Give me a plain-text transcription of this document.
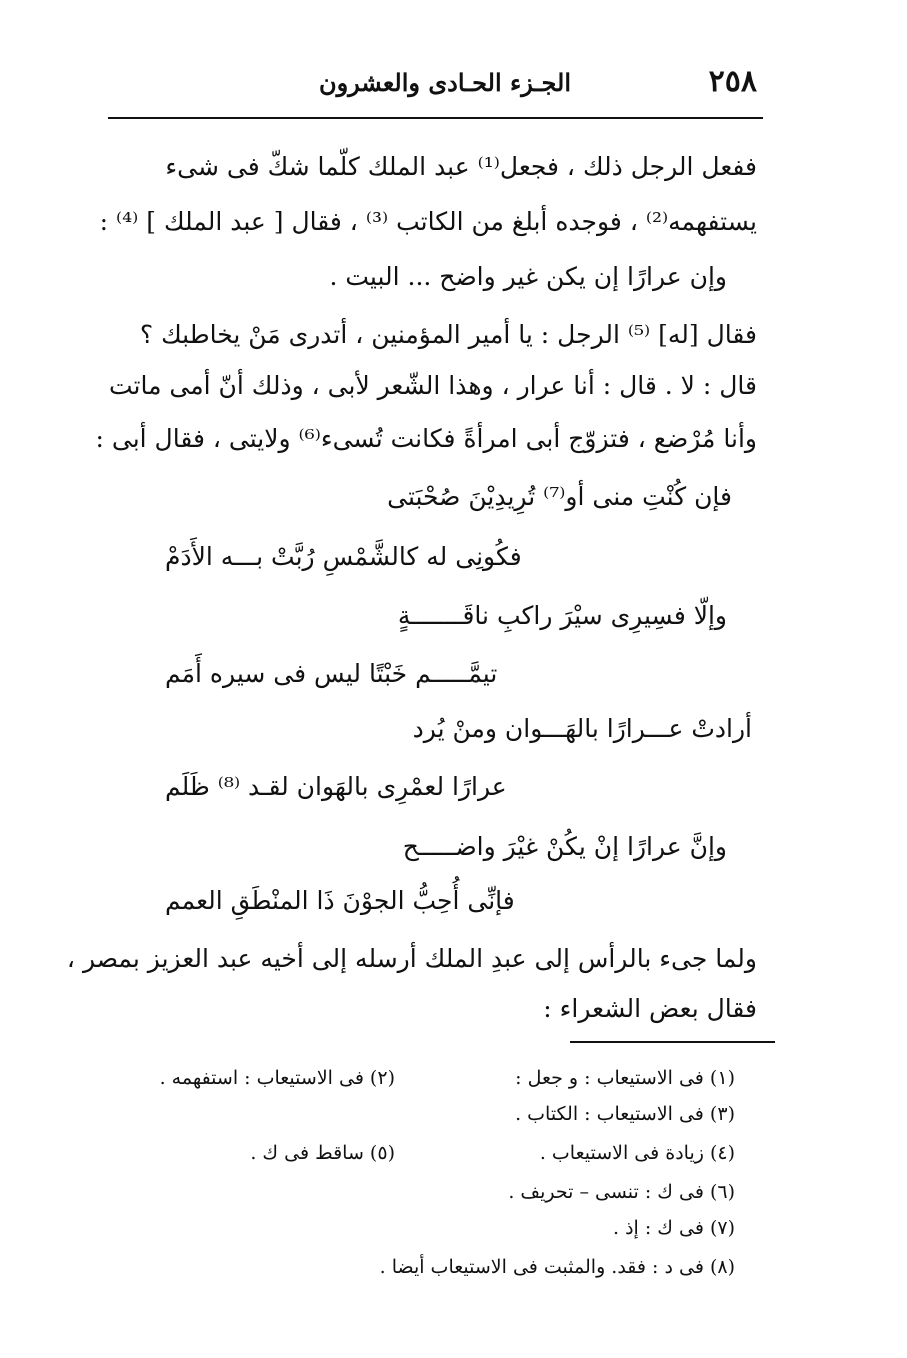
٢٥٨
الجـزء الحـادى والعشرون
ففعل الرجل ذلك ، فجعل⁽¹⁾ عبد الملك كلّما شكّ فى شىء
يستفهمه⁽²⁾ ، فوجده أبلغ من الكاتب ⁽³⁾ ، فقال [ عبد الملك ] ⁽⁴⁾ :
وإن عرارًا إن يكن غير واضح ... البيت .
فقال [له] ⁽⁵⁾ الرجل : يا أمير المؤمنين ، أتدرى مَنْ يخاطبك ؟
قال : لا . قال : أنا عرار ، وهذا الشّعر لأبى ، وذلك أنّ أمى ماتت
وأنا مُرْضع ، فتزوّج أبى امرأةً فكانت تُسىء⁽⁶⁾ ولايتى ، فقال أبى :
فإن كُنْتِ منى أو⁽⁷⁾ تُرِيدِيْنَ صُحْبَتى
فكُونِى له كالشَّمْسِ رُبَّتْ بـــه الأَدَمْ
وإلّا فسِيرِى سيْرَ راكبِ ناقَـــــــةٍ
تيمَّـــــم خَبْتًا ليس فى سيره أَمَم
أرادتْ عـــرارًا بالهَـــوان ومنْ يُرد
عرارًا لعمْرِى بالهَوان لقـد ⁽⁸⁾ ظَلَم
وإنَّ عرارًا إنْ يكُنْ غيْرَ واضـــــح
فإنِّى أُحِبُّ الجوْنَ ذَا المنْطَقِ العمم
ولما جىء بالرأس إلى عبدِ الملك أرسله إلى أخيه عبد العزيز بمصر ،
فقال بعض الشعراء :
(١) فى الاستيعاب : و جعل :
(٢) فى الاستيعاب : استفهمه .
(٣) فى الاستيعاب : الكتاب .
(٤) زيادة فى الاستيعاب .
(٥) ساقط فى ك .
(٦) فى ك : تنسى – تحريف .
(٧) فى ك : إذ .
(٨) فى د : فقد. والمثبت فى الاستيعاب أيضا .
